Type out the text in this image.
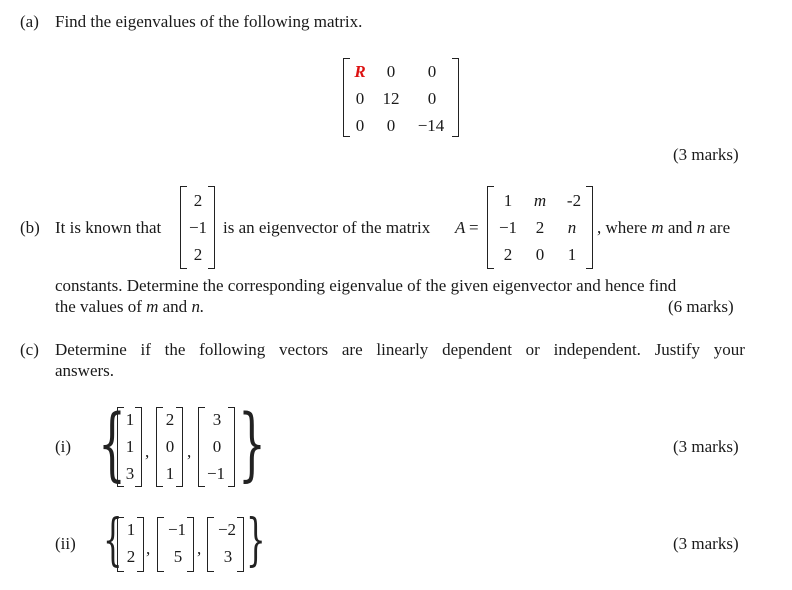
(a) Find the eigenvalues of the following matrix.
R 0 0
0	12	0
0 0 −14
(3 marks)
(b) It is known that
2
−1
2
is an eigenvector of the matrix A =
1	m	-2
−1	2	n
2	0	1
, where m and n are
constants. Determine the corresponding eigenvalue of the given eigenvector and hence find
the values of m and n.	(6 marks)
(c) Determine if the following vectors are linearly dependent or independent. Justify your
answers.
(i) { 1
1
3
,
2
0
1
,
3
0
−1 }	(3 marks)
(ii) { 1
2 ,
−1
5 ,
−2
3 }	(3 marks)
